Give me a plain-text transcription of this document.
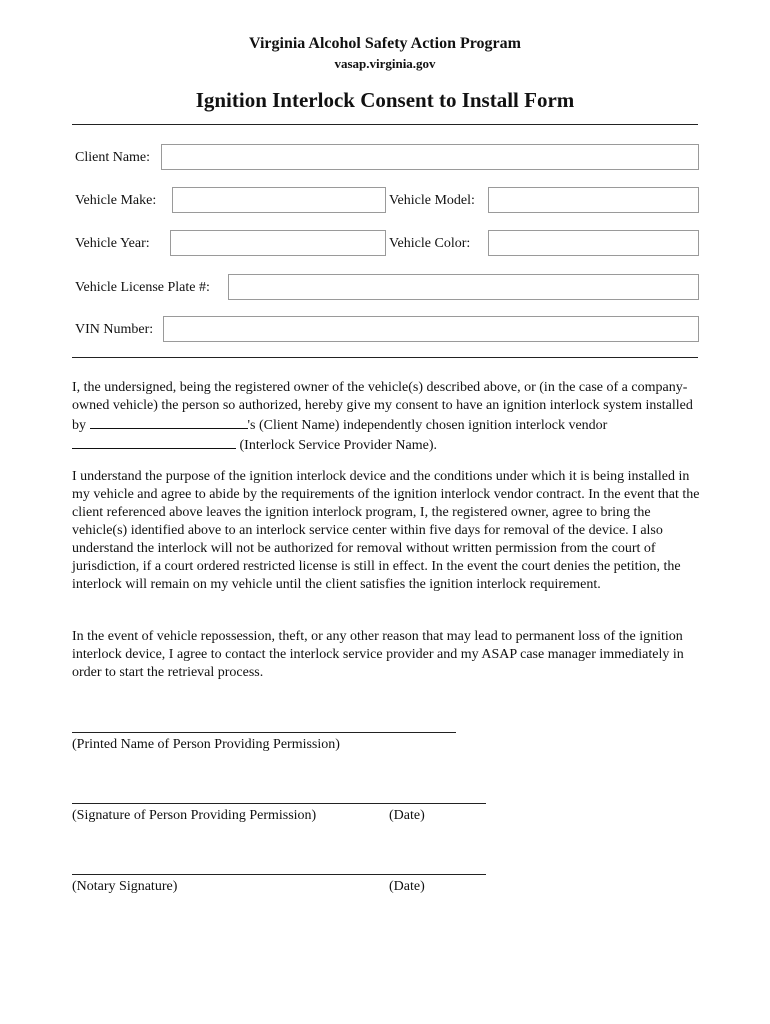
Virginia Alcohol Safety Action Program
vasap.virginia.gov
Ignition Interlock Consent to Install Form
Client Name:
Vehicle Make:	Vehicle Model:
Vehicle Year:	Vehicle Color:
Vehicle License Plate #:
VIN Number:
I, the undersigned, being the registered owner of the vehicle(s) described above, or (in the case of a company-owned vehicle) the person so authorized, hereby give my consent to have an ignition interlock system installed by	's (Client Name) independently chosen ignition interlock vendor  (Interlock Service Provider Name).
I understand the purpose of the ignition interlock device and the conditions under which it is being installed in my vehicle and agree to abide by the requirements of the ignition interlock vendor contract. In the event that the client referenced above leaves the ignition interlock program, I, the registered owner, agree to bring the vehicle(s) identified above to an interlock service center within five days for removal of the device. I also understand the interlock will not be authorized for removal without written permission from the court of jurisdiction, if a court ordered restricted license is still in effect. In the event the court denies the petition, the interlock will remain on my vehicle until the client satisfies the ignition interlock requirement.
In the event of vehicle repossession, theft, or any other reason that may lead to permanent loss of the ignition interlock device, I agree to contact the interlock service provider and my ASAP case manager immediately in order to start the retrieval process.
(Printed Name of Person Providing Permission)
(Signature of Person Providing Permission)	(Date)
(Notary Signature)	(Date)
